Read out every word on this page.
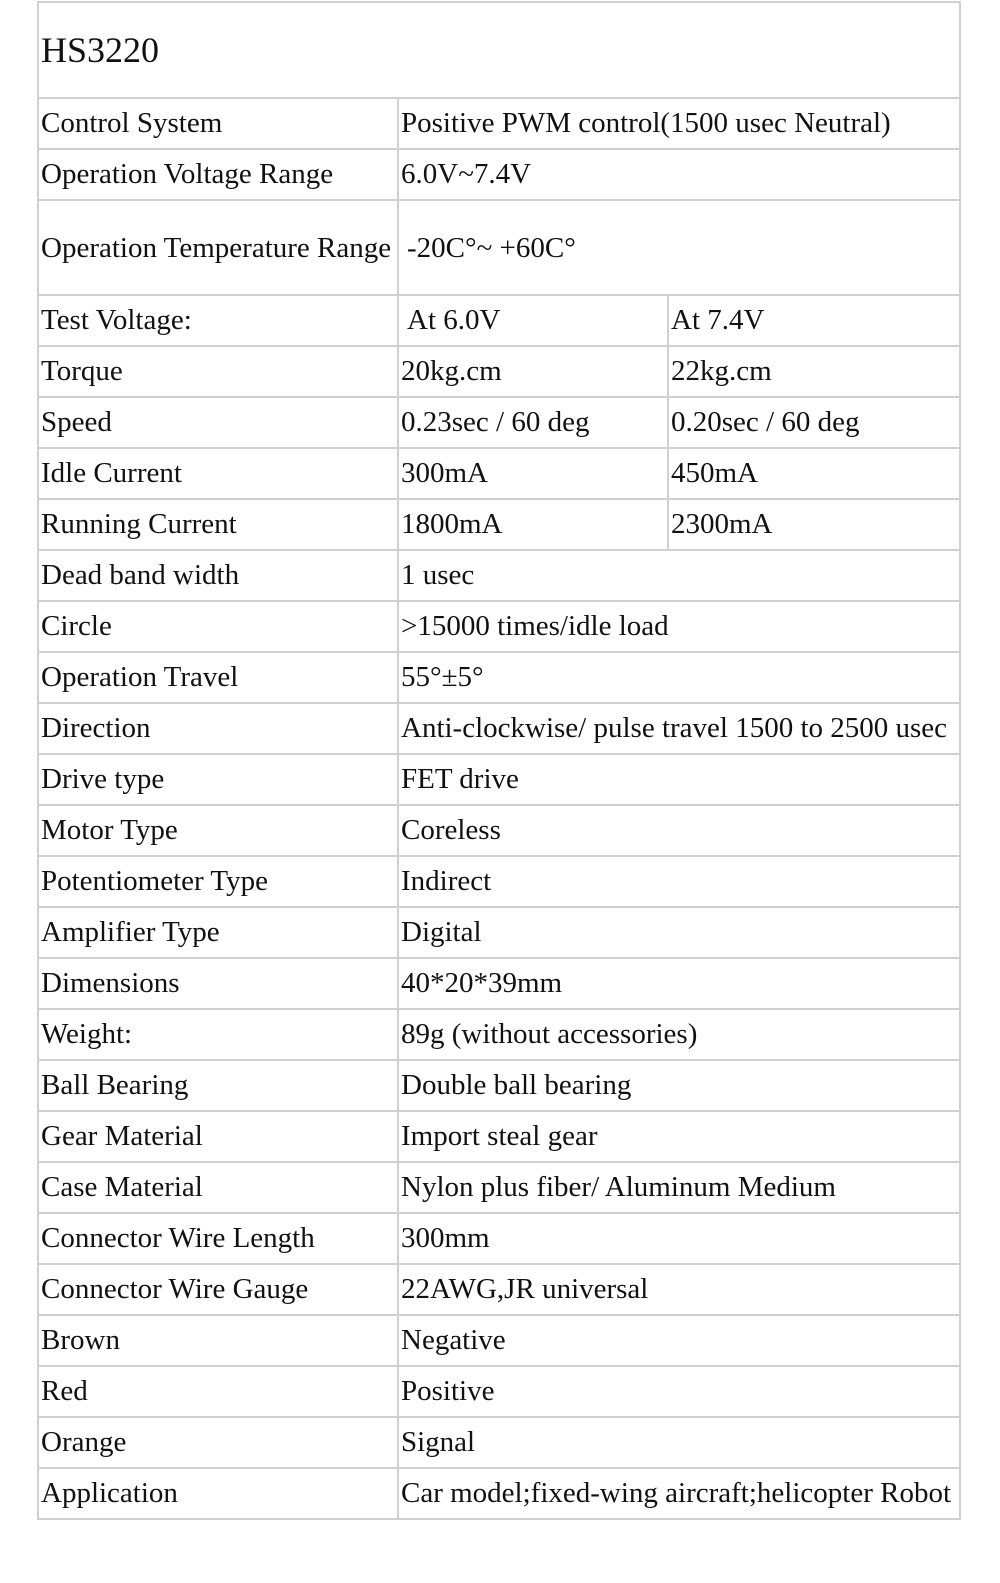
HS3220		
Control System	Positive PWM control(1500 usec Neutral)	
Operation Voltage Range	6.0V~7.4V	
Operation Temperature Range	-20C°~ +60C°	
Test Voltage:	At 6.0V	At 7.4V
Torque	20kg.cm	22kg.cm
Speed	0.23sec / 60 deg	0.20sec / 60 deg
Idle Current	300mA	450mA
Running Current	1800mA	2300mA
Dead band width	1 usec	
Circle	>15000 times/idle load	
Operation Travel	55°±5°	
Direction	Anti-clockwise/ pulse travel 1500 to 2500 usec	
Drive type	FET drive	
Motor Type	Coreless	
Potentiometer Type	Indirect	
Amplifier Type	Digital	
Dimensions	40*20*39mm	
Weight:	89g (without accessories)	
Ball Bearing	Double ball bearing	
Gear Material	Import steal gear	
Case Material	Nylon plus fiber/ Aluminum Medium	
Connector Wire Length	300mm	
Connector Wire Gauge	22AWG,JR universal	
Brown	Negative	
Red	Positive	
Orange	Signal	
Application	Car model;fixed-wing aircraft;helicopter Robot	
